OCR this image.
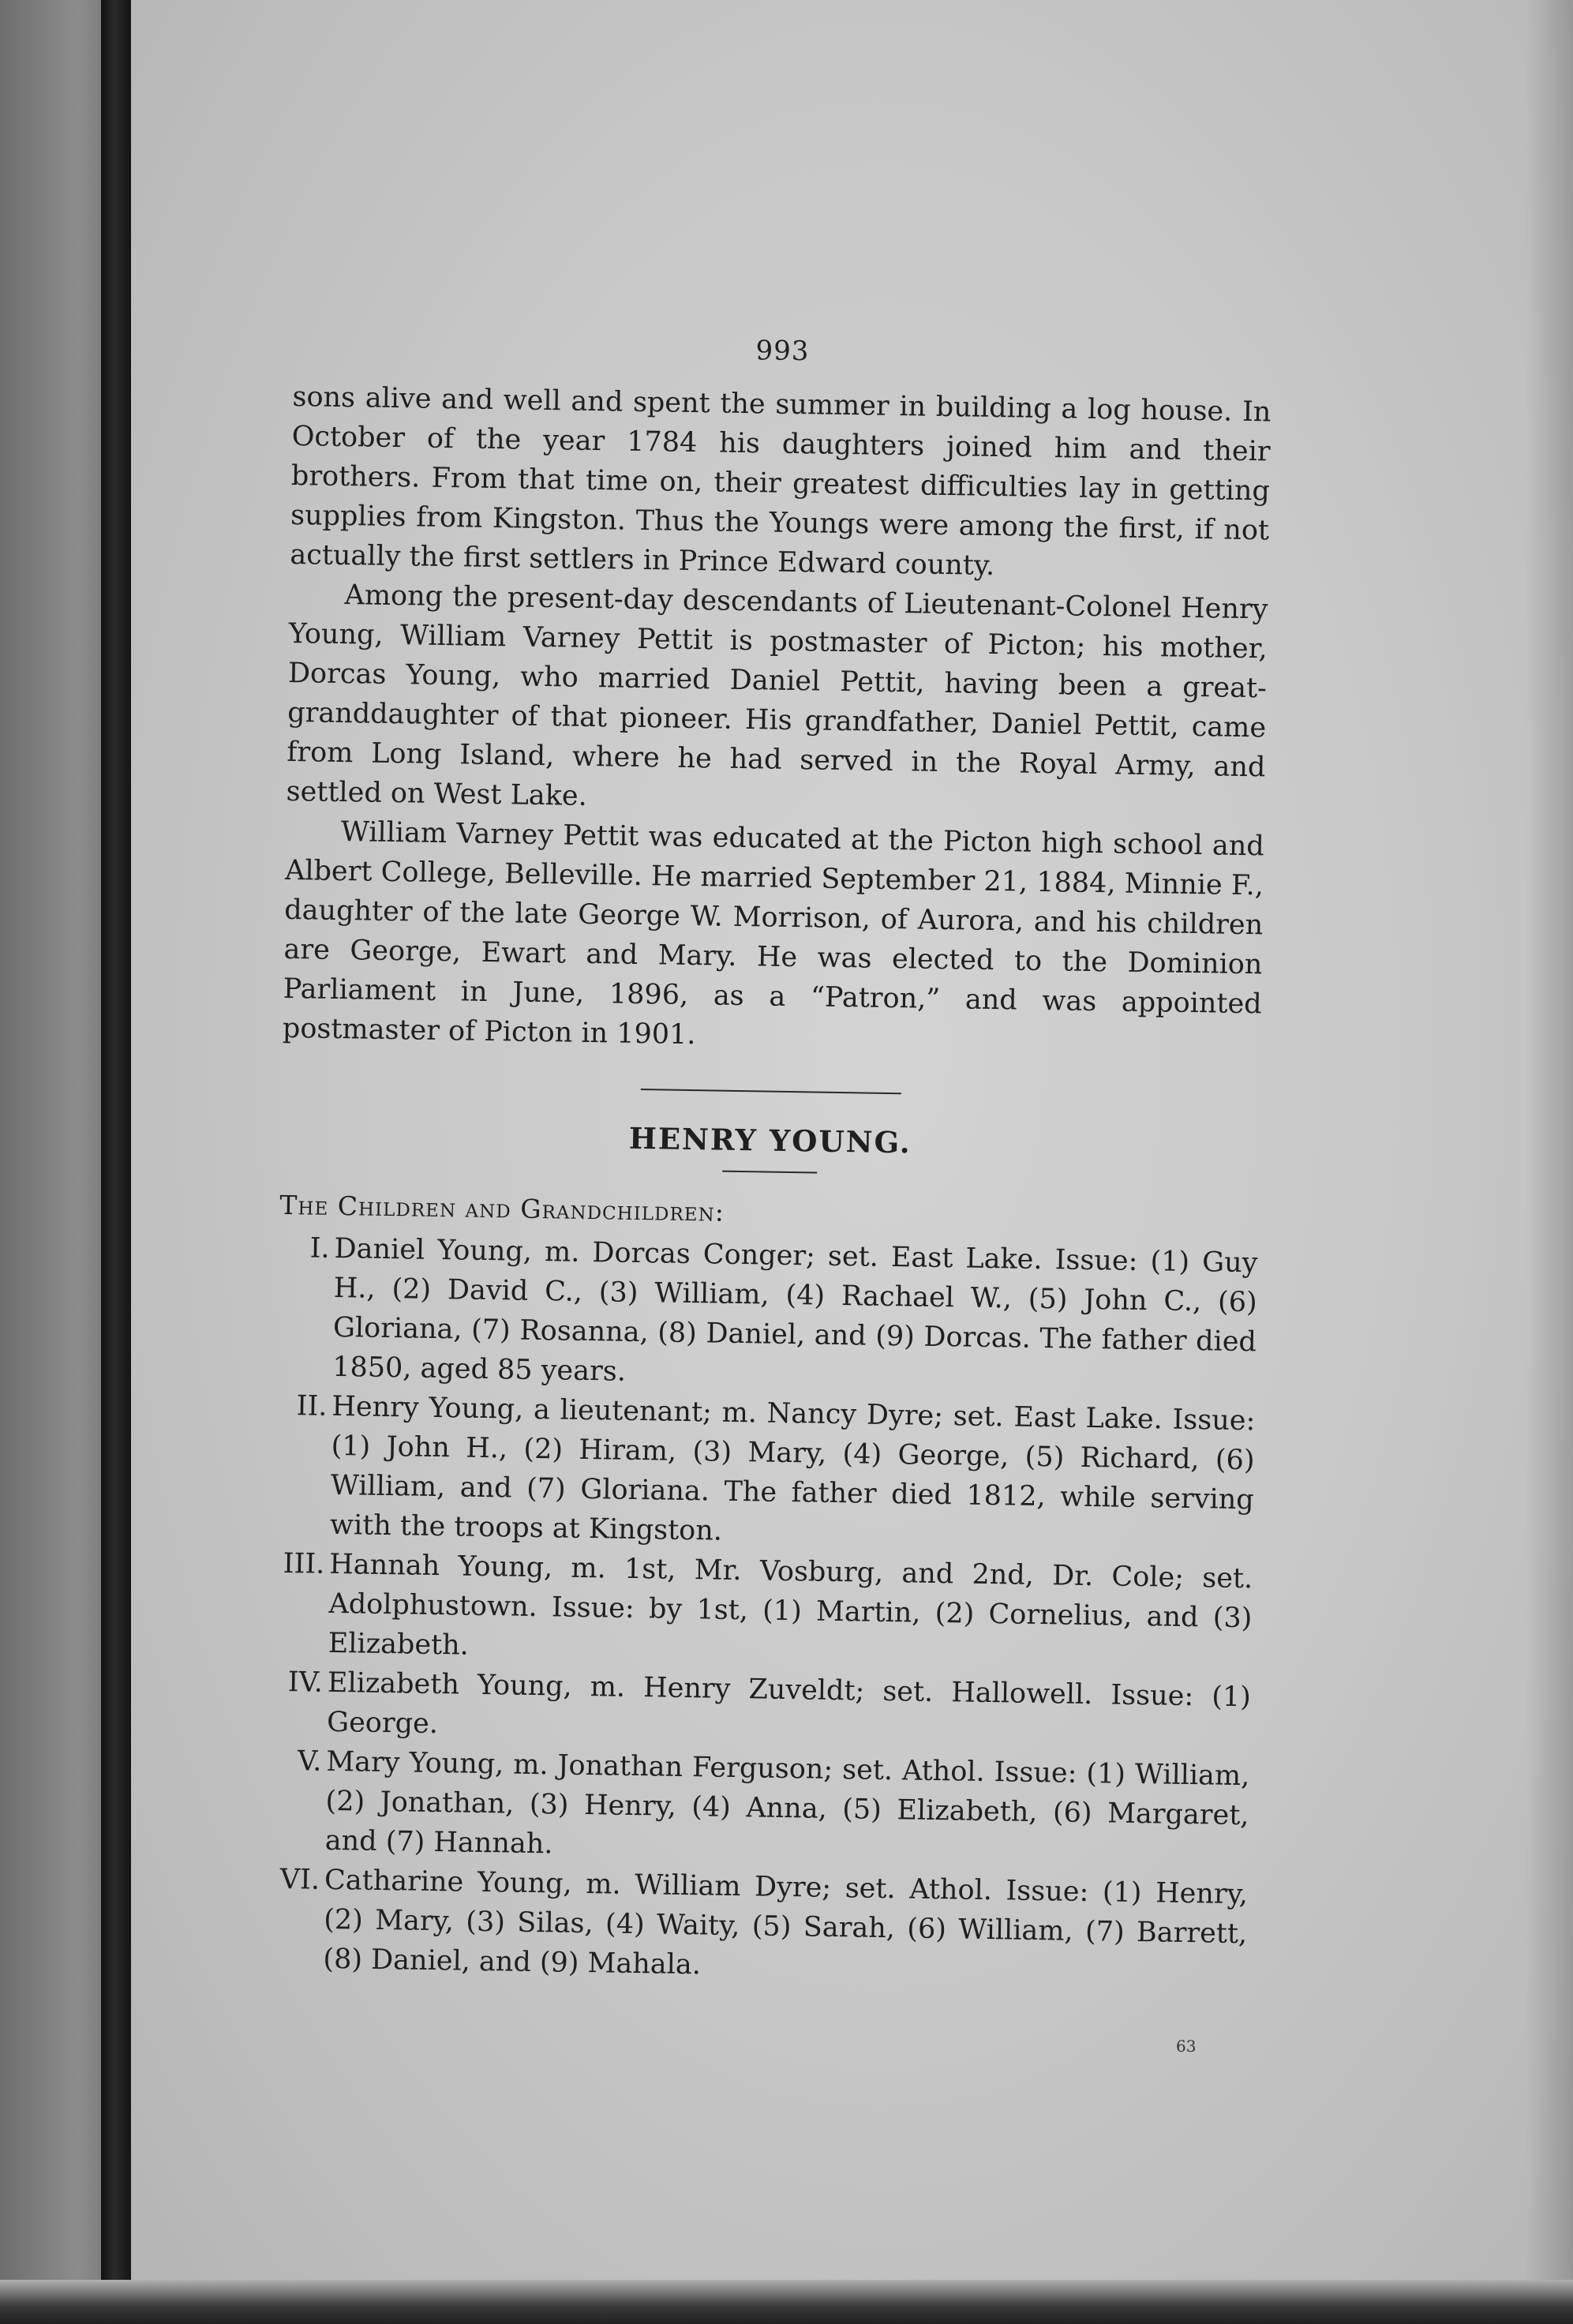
993

sons alive and well and spent the summer in building a log house. In October of the year 1784 his daughters joined him and their brothers. From that time on, their greatest difficulties lay in getting supplies from Kingston. Thus the Youngs were among the first, if not actually the first settlers in Prince Edward county.

Among the present-day descendants of Lieutenant-Colonel Henry Young, William Varney Pettit is postmaster of Picton; his mother, Dorcas Young, who married Daniel Pettit, having been a great-granddaughter of that pioneer. His grandfather, Daniel Pettit, came from Long Island, where he had served in the Royal Army, and settled on West Lake.

William Varney Pettit was educated at the Picton high school and Albert College, Belleville. He married September 21, 1884, Minnie F., daughter of the late George W. Morrison, of Aurora, and his children are George, Ewart and Mary. He was elected to the Dominion Parliament in June, 1896, as a “Patron,” and was appointed postmaster of Picton in 1901.

HENRY YOUNG.

The Children and Grandchildren:

I. Daniel Young, m. Dorcas Conger; set. East Lake. Issue: (1) Guy H., (2) David C., (3) William, (4) Rachael W., (5) John C., (6) Gloriana, (7) Rosanna, (8) Daniel, and (9) Dorcas. The father died 1850, aged 85 years.
II. Henry Young, a lieutenant; m. Nancy Dyre; set. East Lake. Issue: (1) John H., (2) Hiram, (3) Mary, (4) George, (5) Richard, (6) William, and (7) Gloriana. The father died 1812, while serving with the troops at Kingston.
III. Hannah Young, m. 1st, Mr. Vosburg, and 2nd, Dr. Cole; set. Adolphustown. Issue: by 1st, (1) Martin, (2) Cornelius, and (3) Elizabeth.
IV. Elizabeth Young, m. Henry Zuveldt; set. Hallowell. Issue: (1) George.
V. Mary Young, m. Jonathan Ferguson; set. Athol. Issue: (1) William, (2) Jonathan, (3) Henry, (4) Anna, (5) Elizabeth, (6) Margaret, and (7) Hannah.
VI. Catharine Young, m. William Dyre; set. Athol. Issue: (1) Henry, (2) Mary, (3) Silas, (4) Waity, (5) Sarah, (6) William, (7) Barrett, (8) Daniel, and (9) Mahala.
63
